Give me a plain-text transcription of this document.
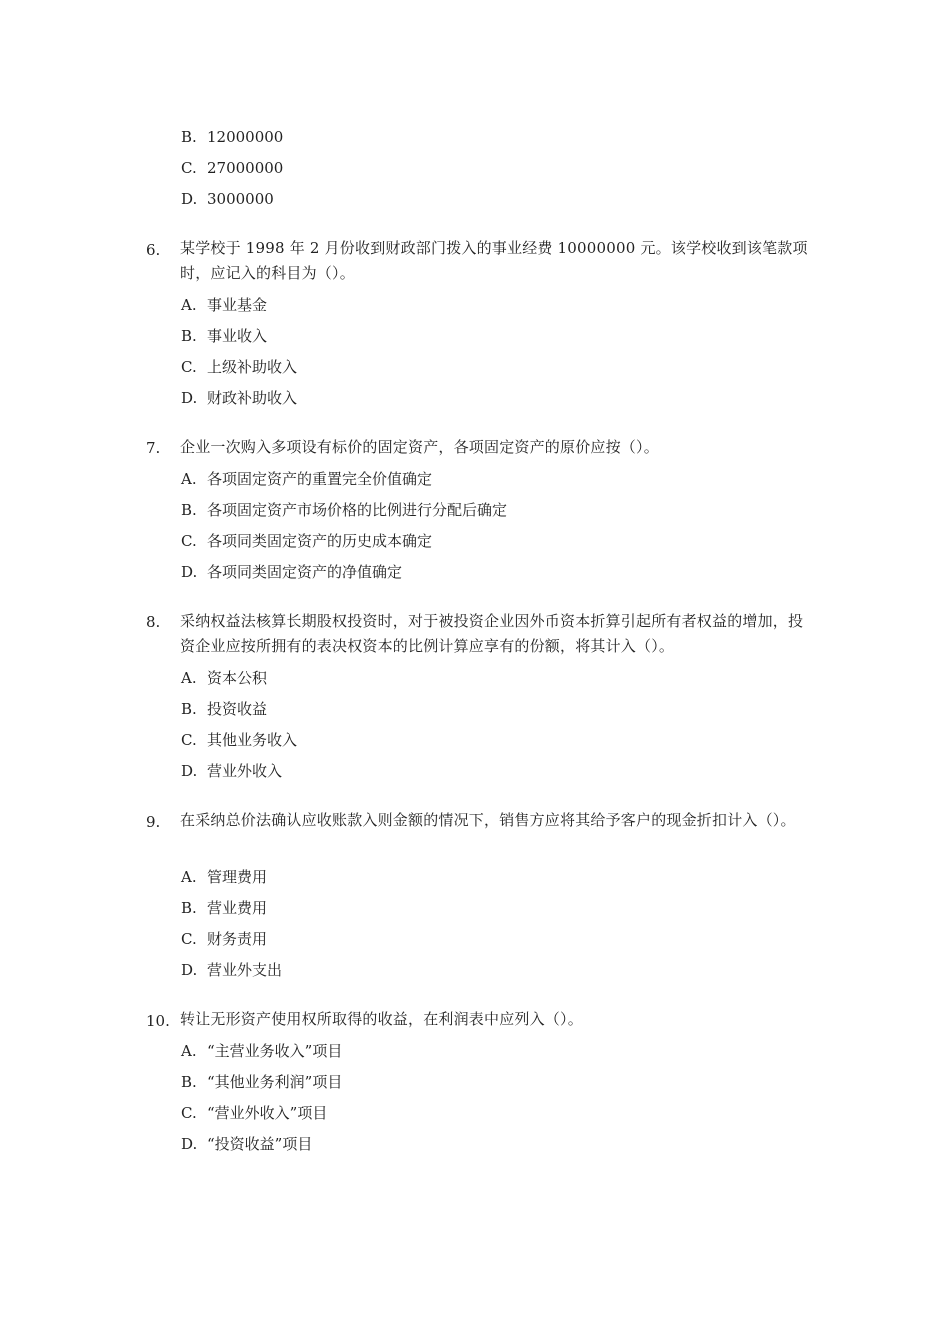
B. 12000000
C. 27000000
D. 3000000
6. 某学校于 1998 年 2 月份收到财政部门拨入的事业经费 10000000 元。该学校收到该笔款项时，应记入的科目为（）。
A. 事业基金
B. 事业收入
C. 上级补助收入
D. 财政补助收入
7. 企业一次购入多项设有标价的固定资产，各项固定资产的原价应按（）。
A. 各项固定资产的重置完全价值确定
B. 各项固定资产市场价格的比例进行分配后确定
C. 各项同类固定资产的历史成本确定
D. 各项同类固定资产的净值确定
8. 采纳权益法核算长期股权投资时，对于被投资企业因外币资本折算引起所有者权益的增加，投资企业应按所拥有的表决权资本的比例计算应享有的份额，将其计入（）。
A. 资本公积
B. 投资收益
C. 其他业务收入
D. 营业外收入
9. 在采纳总价法确认应收账款入则金额的情况下，销售方应将其给予客户的现金折扣计入（）。
A. 管理费用
B. 营业费用
C. 财务责用
D. 营业外支出
10. 转让无形资产使用权所取得的收益，在利润表中应列入（）。
A. “主营业务收入”项目
B. “其他业务利润”项目
C. “营业外收入”项目
D. “投资收益”项目
